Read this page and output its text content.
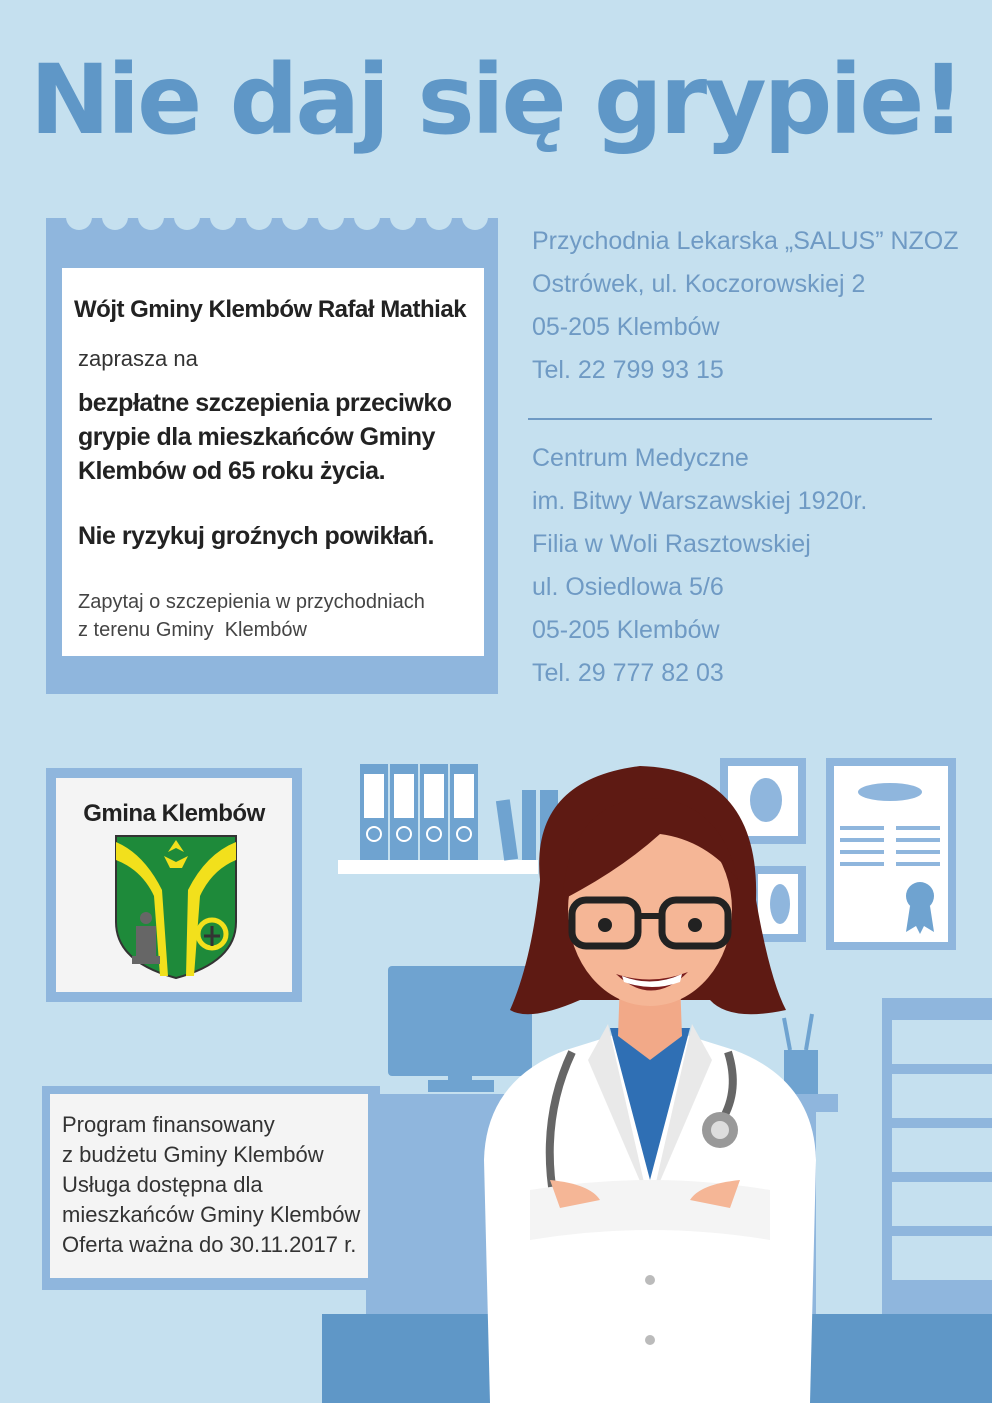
Nie daj się grypie!
Wójt Gminy Klembów Rafał Mathiak
zaprasza na
bezpłatne szczepienia przeciwko grypie dla mieszkańców Gminy Klembów od 65 roku życia.
Nie ryzykuj groźnych powikłań.
Zapytaj o szczepienia w przychodniach
z terenu Gminy  Klembów
Przychodnia Lekarska „SALUS” NZOZ
Ostrówek, ul. Koczorowskiej 2
05-205 Klembów
Tel. 22 799 93 15
Centrum Medyczne
im. Bitwy Warszawskiej 1920r.
Filia w Woli Rasztowskiej
ul. Osiedlowa 5/6
05-205 Klembów
Tel. 29 777 82 03
Gmina Klembów
Program finansowany
z budżetu Gminy Klembów
Usługa dostępna dla
mieszkańców Gminy Klembów
Oferta ważna do 30.11.2017 r.
